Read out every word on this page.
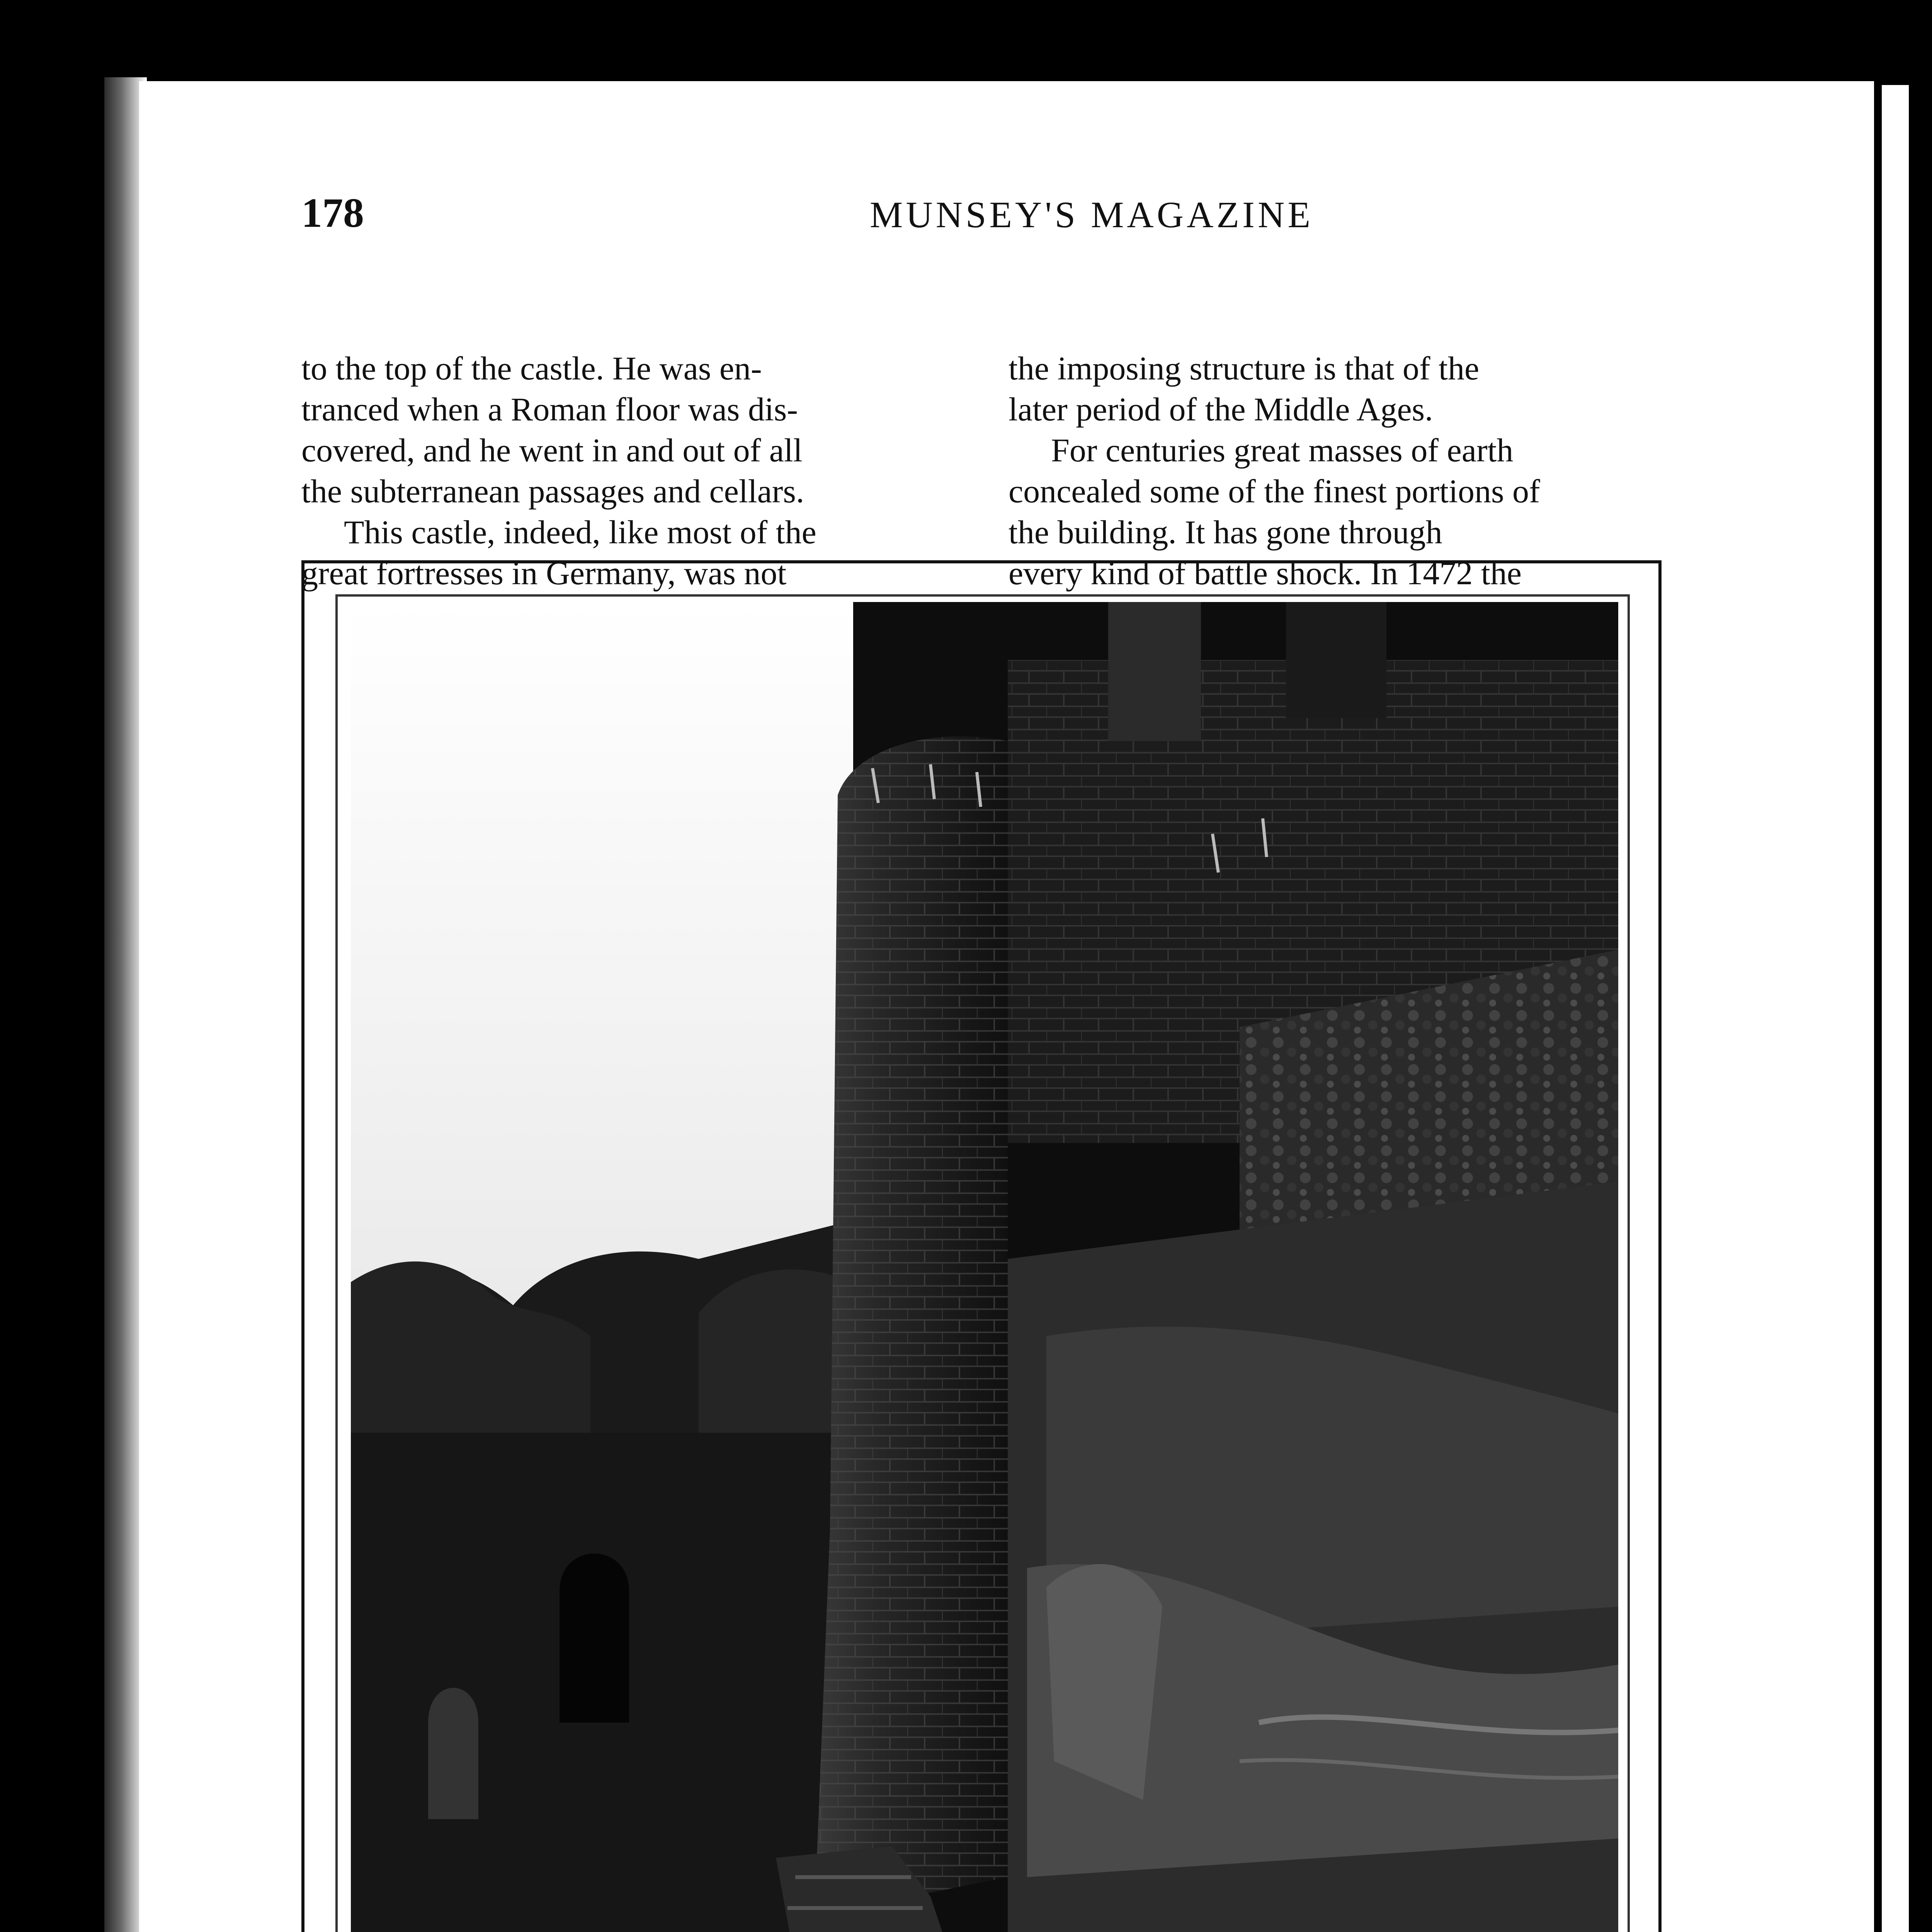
178	MUNSEY'S MAGAZINE

to the top of the castle. He was en-

tranced when a Roman floor was dis-

covered, and he went in and out of all

the subterranean passages and cellars.

This castle, indeed, like most of the

great fortresses in Germany, was not

the imposing structure is that of the

later period of the Middle Ages.

For centuries great masses of earth

concealed some of the finest portions of

the building. It has gone through

every kind of battle shock. In 1472 the
